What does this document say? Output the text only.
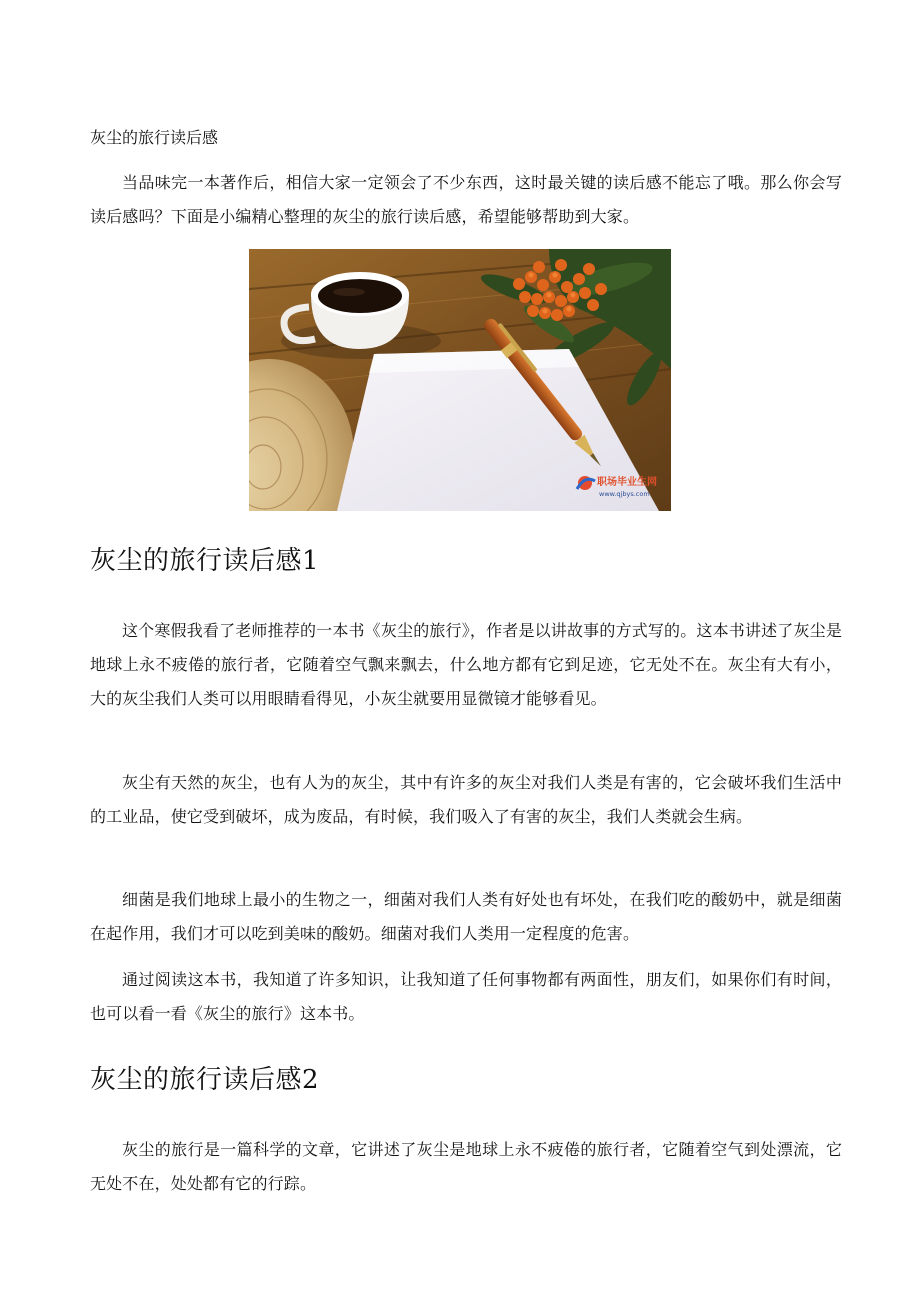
灰尘的旅行读后感

当品味完一本著作后，相信大家一定领会了不少东西，这时最关键的读后感不能忘了哦。那么你会写读后感吗？下面是小编精心整理的灰尘的旅行读后感，希望能够帮助到大家。

职场毕业生网
www.qjbys.com
灰尘的旅行读后感1

这个寒假我看了老师推荐的一本书《灰尘的旅行》，作者是以讲故事的方式写的。这本书讲述了灰尘是地球上永不疲倦的旅行者，它随着空气飘来飘去，什么地方都有它到足迹，它无处不在。灰尘有大有小，大的灰尘我们人类可以用眼睛看得见，小灰尘就要用显微镜才能够看见。

灰尘有天然的灰尘，也有人为的灰尘，其中有许多的灰尘对我们人类是有害的，它会破坏我们生活中的工业品，使它受到破坏，成为废品，有时候，我们吸入了有害的灰尘，我们人类就会生病。

细菌是我们地球上最小的生物之一，细菌对我们人类有好处也有坏处，在我们吃的酸奶中，就是细菌在起作用，我们才可以吃到美味的酸奶。细菌对我们人类用一定程度的危害。

通过阅读这本书，我知道了许多知识，让我知道了任何事物都有两面性，朋友们，如果你们有时间，也可以看一看《灰尘的旅行》这本书。

灰尘的旅行读后感2

灰尘的旅行是一篇科学的文章，它讲述了灰尘是地球上永不疲倦的旅行者，它随着空气到处漂流，它无处不在，处处都有它的行踪。
